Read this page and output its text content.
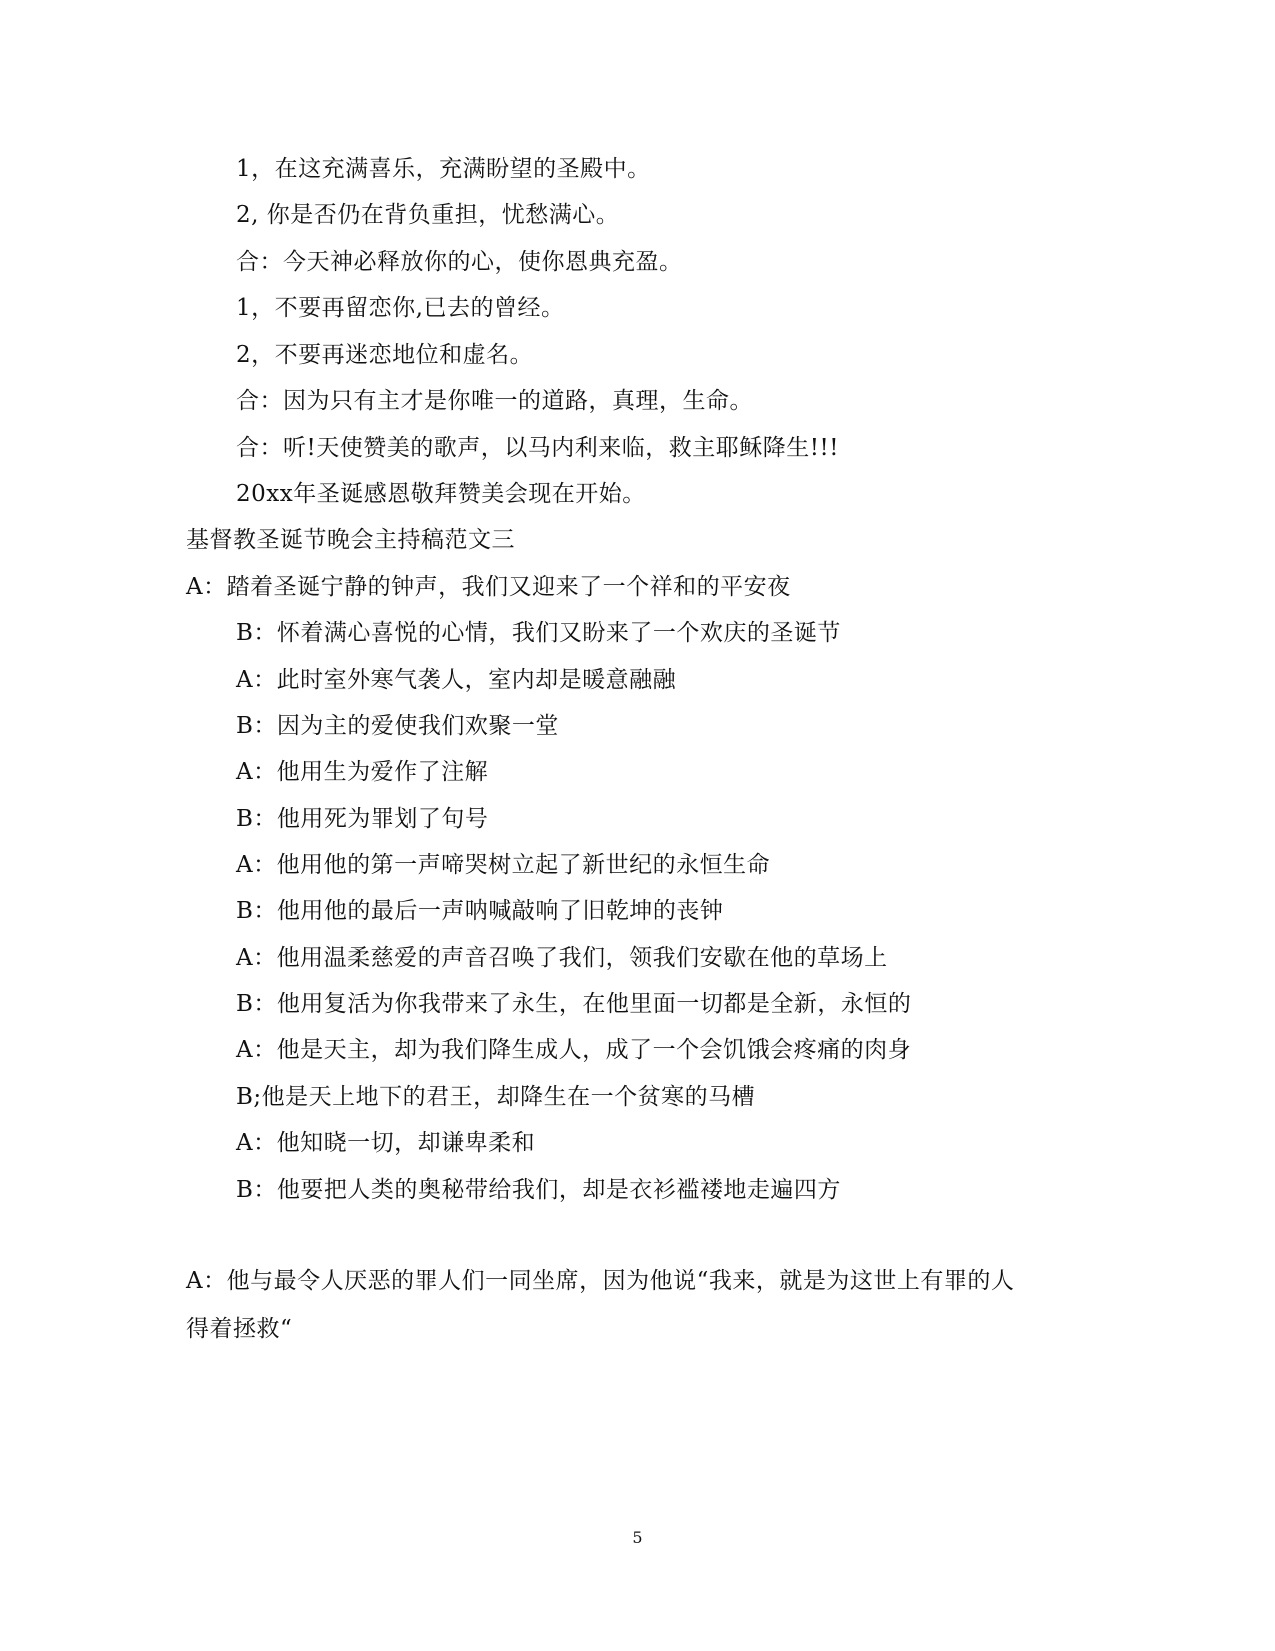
1，在这充满喜乐，充满盼望的圣殿中。
2, 你是否仍在背负重担，忧愁满心。
合：今天神必释放你的心，使你恩典充盈。
1，不要再留恋你,已去的曾经。
2，不要再迷恋地位和虚名。
合：因为只有主才是你唯一的道路，真理，生命。
合：听!天使赞美的歌声，以马内利来临，救主耶稣降生!!!
20xx年圣诞感恩敬拜赞美会现在开始。
基督教圣诞节晚会主持稿范文三
A：踏着圣诞宁静的钟声，我们又迎来了一个祥和的平安夜
B：怀着满心喜悦的心情，我们又盼来了一个欢庆的圣诞节
A：此时室外寒气袭人，室内却是暖意融融
B：因为主的爱使我们欢聚一堂
A：他用生为爱作了注解
B：他用死为罪划了句号
A：他用他的第一声啼哭树立起了新世纪的永恒生命
B：他用他的最后一声呐喊敲响了旧乾坤的丧钟
A：他用温柔慈爱的声音召唤了我们，领我们安歇在他的草场上
B：他用复活为你我带来了永生，在他里面一切都是全新，永恒的
A：他是天主，却为我们降生成人，成了一个会饥饿会疼痛的肉身
B;他是天上地下的君王，却降生在一个贫寒的马槽
A：他知晓一切，却谦卑柔和
B：他要把人类的奥秘带给我们，却是衣衫褴褛地走遍四方
A：他与最令人厌恶的罪人们一同坐席，因为他说“我来，就是为这世上有罪的人
得着拯救“
5
